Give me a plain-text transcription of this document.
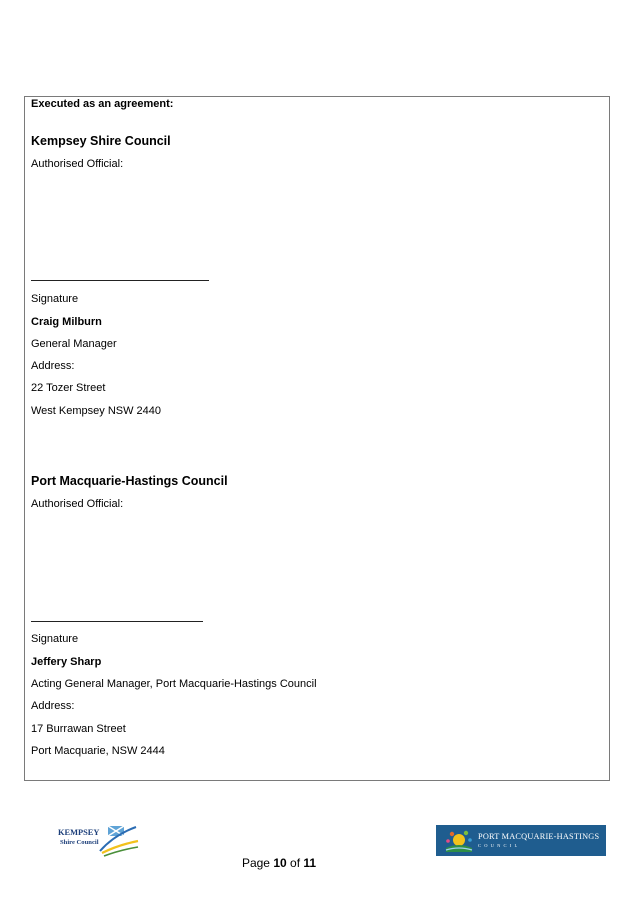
Executed as an agreement:
Kempsey Shire Council
Authorised Official:
Signature
Craig Milburn
General Manager
Address:
22 Tozer Street
West Kempsey NSW 2440
Port Macquarie-Hastings Council
Authorised Official:
Signature
Jeffery Sharp
Acting General Manager, Port Macquarie-Hastings Council
Address:
17 Burrawan Street
Port Macquarie, NSW 2444
KEMPSEY
Shire Council
PORT MACQUARIE-HASTINGS
COUNCIL
Page 10 of 11
